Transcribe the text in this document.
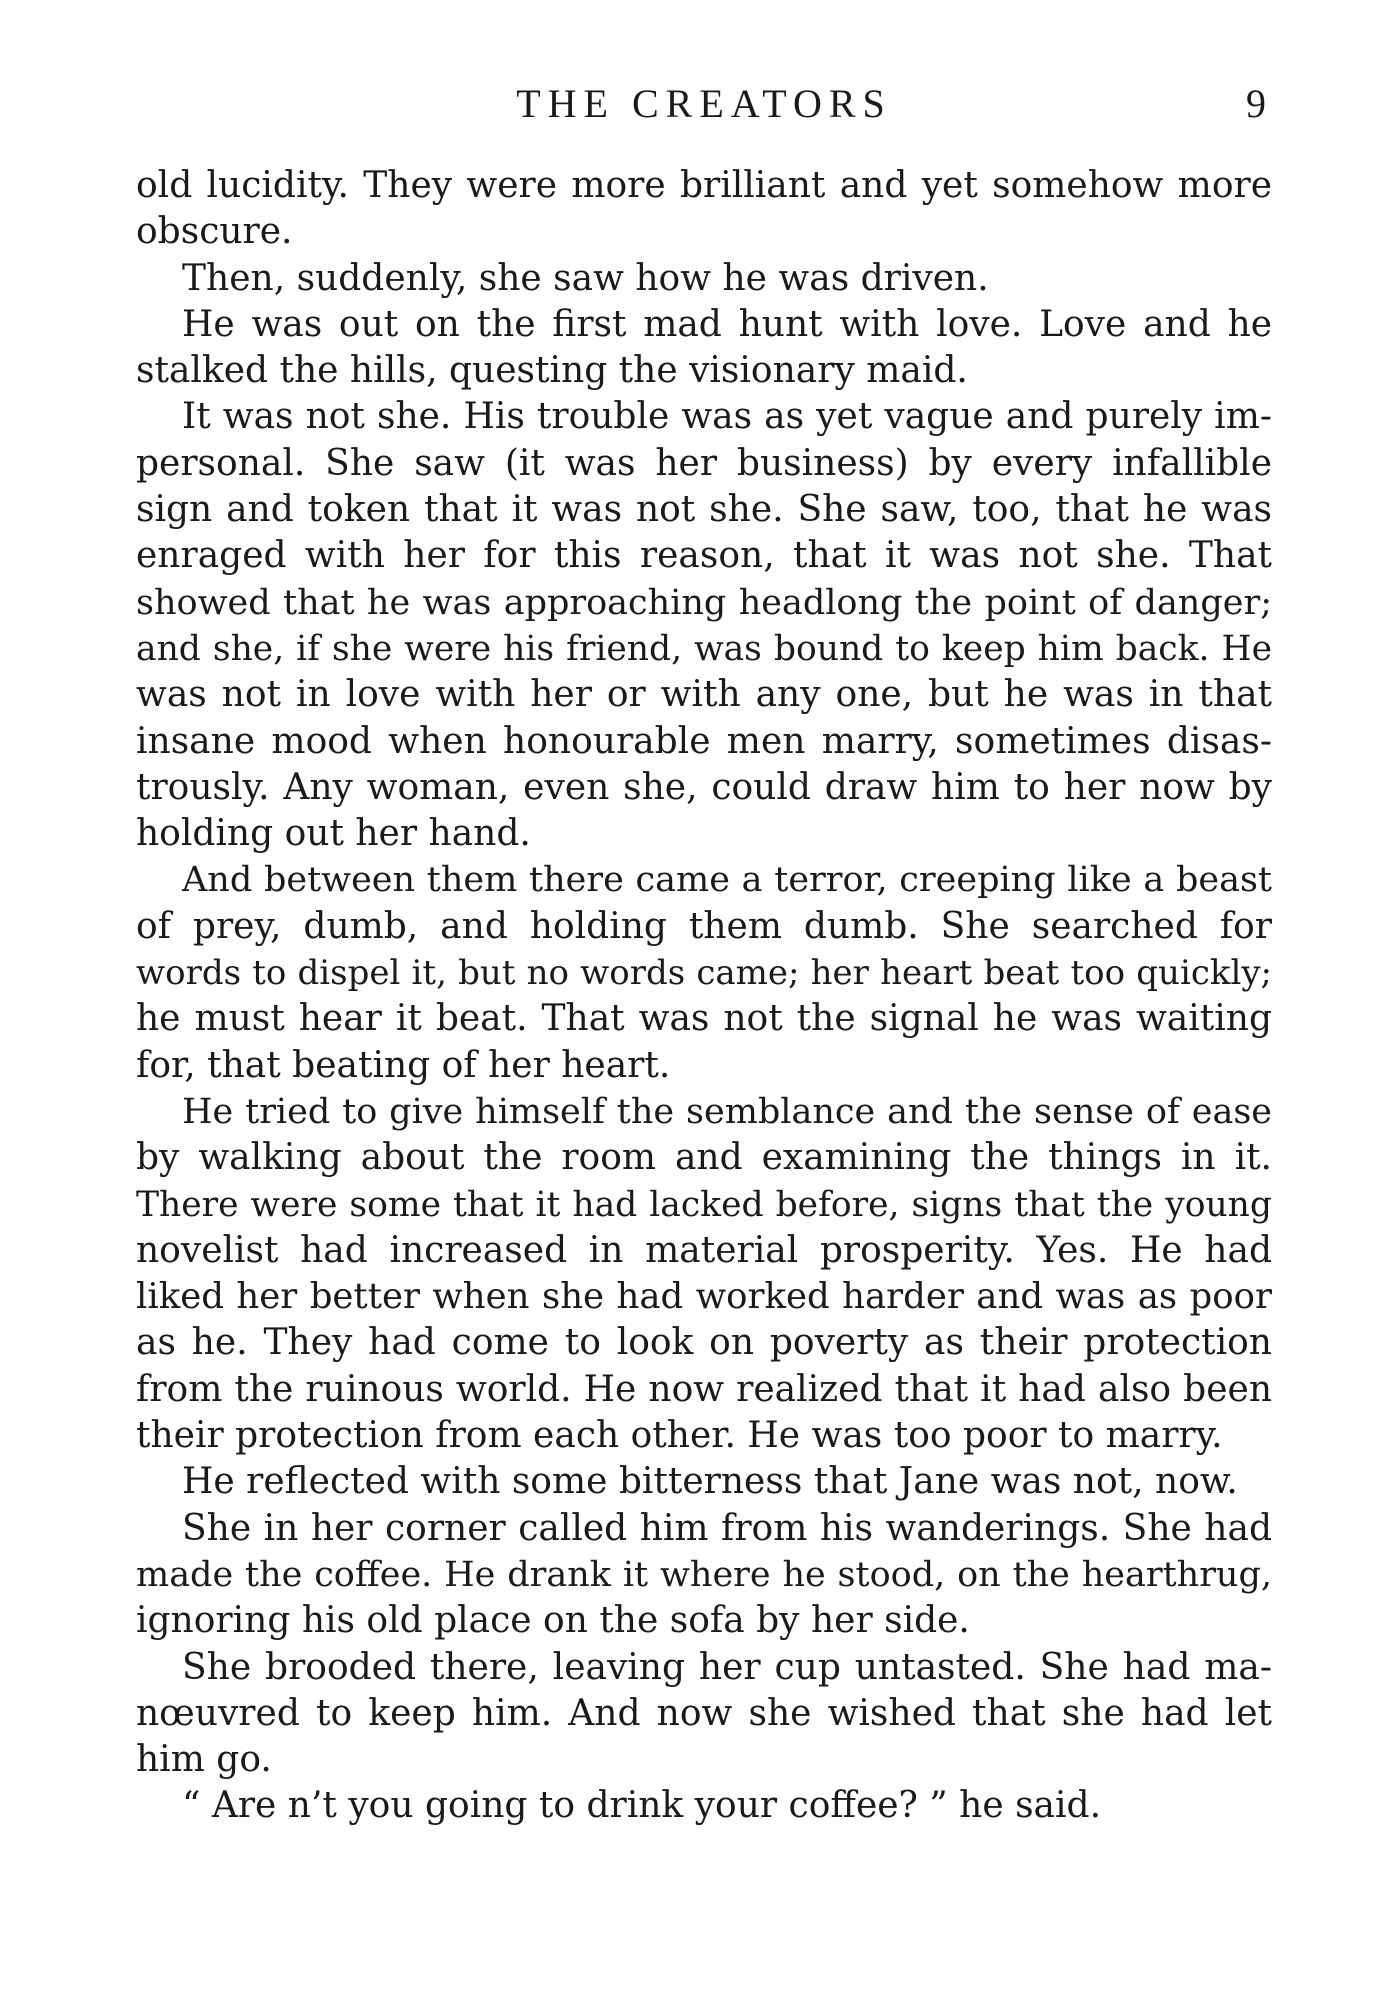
THE CREATORS	9
old lucidity. They were more brilliant and yet somehow more
obscure.
Then, suddenly, she saw how he was driven.
He was out on the first mad hunt with love. Love and he
stalked the hills, questing the visionary maid.
It was not she. His trouble was as yet vague and purely im-
personal. She saw (it was her business) by every infallible
sign and token that it was not she. She saw, too, that he was
enraged with her for this reason, that it was not she. That
showed that he was approaching headlong the point of danger;
and she, if she were his friend, was bound to keep him back. He
was not in love with her or with any one, but he was in that
insane mood when honourable men marry, sometimes disas-
trously. Any woman, even she, could draw him to her now by
holding out her hand.
And between them there came a terror, creeping like a beast
of prey, dumb, and holding them dumb. She searched for
words to dispel it, but no words came; her heart beat too quickly;
he must hear it beat. That was not the signal he was waiting
for, that beating of her heart.
He tried to give himself the semblance and the sense of ease
by walking about the room and examining the things in it.
There were some that it had lacked before, signs that the young
novelist had increased in material prosperity. Yes. He had
liked her better when she had worked harder and was as poor
as he. They had come to look on poverty as their protection
from the ruinous world. He now realized that it had also been
their protection from each other. He was too poor to marry.
He reflected with some bitterness that Jane was not, now.
She in her corner called him from his wanderings. She had
made the coffee. He drank it where he stood, on the hearthrug,
ignoring his old place on the sofa by her side.
She brooded there, leaving her cup untasted. She had ma-
nœuvred to keep him. And now she wished that she had let
him go.
“ Are n’t you going to drink your coffee? ” he said.
